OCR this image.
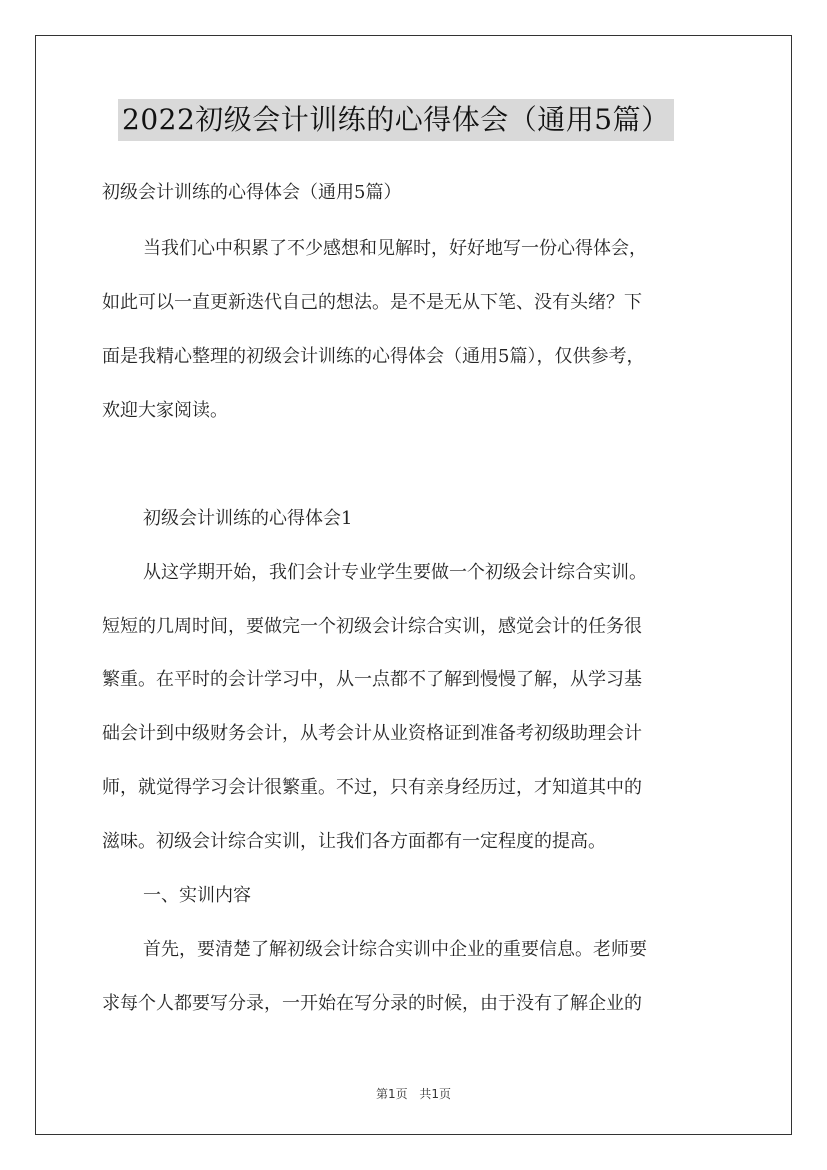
2022初级会计训练的心得体会（通用5篇）
初级会计训练的心得体会（通用5篇）
当我们心中积累了不少感想和见解时，好好地写一份心得体会，
如此可以一直更新迭代自己的想法。是不是无从下笔、没有头绪？下
面是我精心整理的初级会计训练的心得体会（通用5篇），仅供参考，
欢迎大家阅读。
初级会计训练的心得体会1
从这学期开始，我们会计专业学生要做一个初级会计综合实训。
短短的几周时间，要做完一个初级会计综合实训，感觉会计的任务很
繁重。在平时的会计学习中，从一点都不了解到慢慢了解，从学习基
础会计到中级财务会计，从考会计从业资格证到准备考初级助理会计
师，就觉得学习会计很繁重。不过，只有亲身经历过，才知道其中的
滋味。初级会计综合实训，让我们各方面都有一定程度的提高。
一、实训内容
首先，要清楚了解初级会计综合实训中企业的重要信息。老师要
求每个人都要写分录，一开始在写分录的时候，由于没有了解企业的
第1页 共1页
